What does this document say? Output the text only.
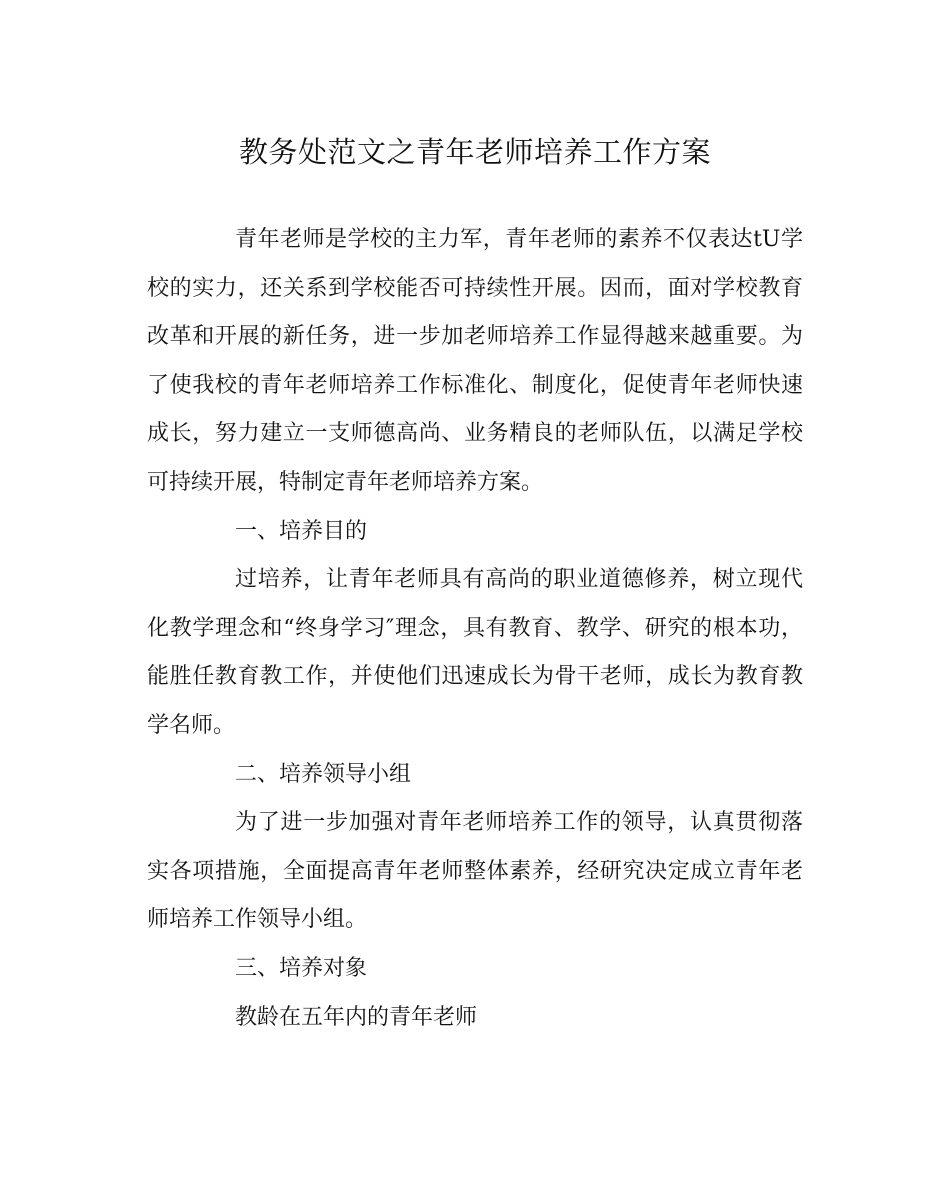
教务处范文之青年老师培养工作方案

青年老师是学校的主力军，青年老师的素养不仅表达tU学校的实力，还关系到学校能否可持续性开展。因而，面对学校教育改革和开展的新任务，进一步加老师培养工作显得越来越重要。为了使我校的青年老师培养工作标准化、制度化，促使青年老师快速成长，努力建立一支师德高尚、业务精良的老师队伍，以满足学校可持续开展，特制定青年老师培养方案。

一、培养目的

过培养，让青年老师具有高尚的职业道德修养，树立现代化教学理念和“终身学习″理念，具有教育、教学、研究的根本功，能胜任教育教工作，并使他们迅速成长为骨干老师，成长为教育教学名师。

二、培养领导小组

为了进一步加强对青年老师培养工作的领导，认真贯彻落实各项措施，全面提高青年老师整体素养，经研究决定成立青年老师培养工作领导小组。

三、培养对象

教龄在五年内的青年老师
